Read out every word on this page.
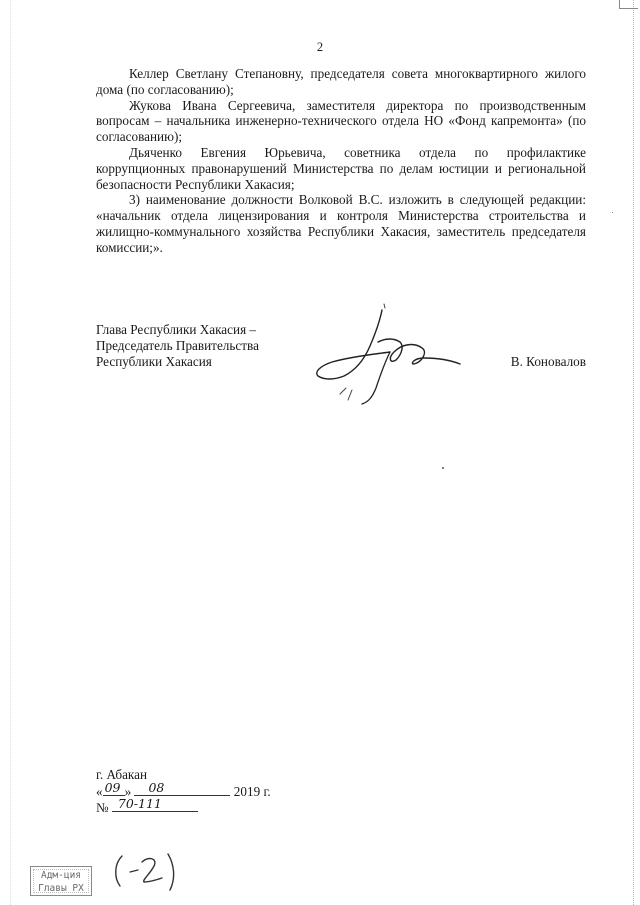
2

Келлер Светлану Степановну, председателя совета многоквартирного жилого дома (по согласованию);

Жукова Ивана Сергеевича, заместителя директора по производственным вопросам – начальника инженерно-технического отдела НО «Фонд капремонта» (по согласованию);

Дьяченко Евгения Юрьевича, советника отдела по профилактике коррупционных правонарушений Министерства по делам юстиции и региональной безопасности Республики Хакасия;

3) наименование должности Волковой В.С. изложить в следующей редакции: «начальник отдела лицензирования и контроля Министерства строительства и жилищно-коммунального хозяйства Республики Хакасия, заместитель председателя комиссии;».

Глава Республики Хакасия –
Председатель Правительства
Республики Хакасия	В. Коновалов
г. Абакан
« 09 » 08	2019 г.
№ 70-111
Адм-ция
Главы РХ
